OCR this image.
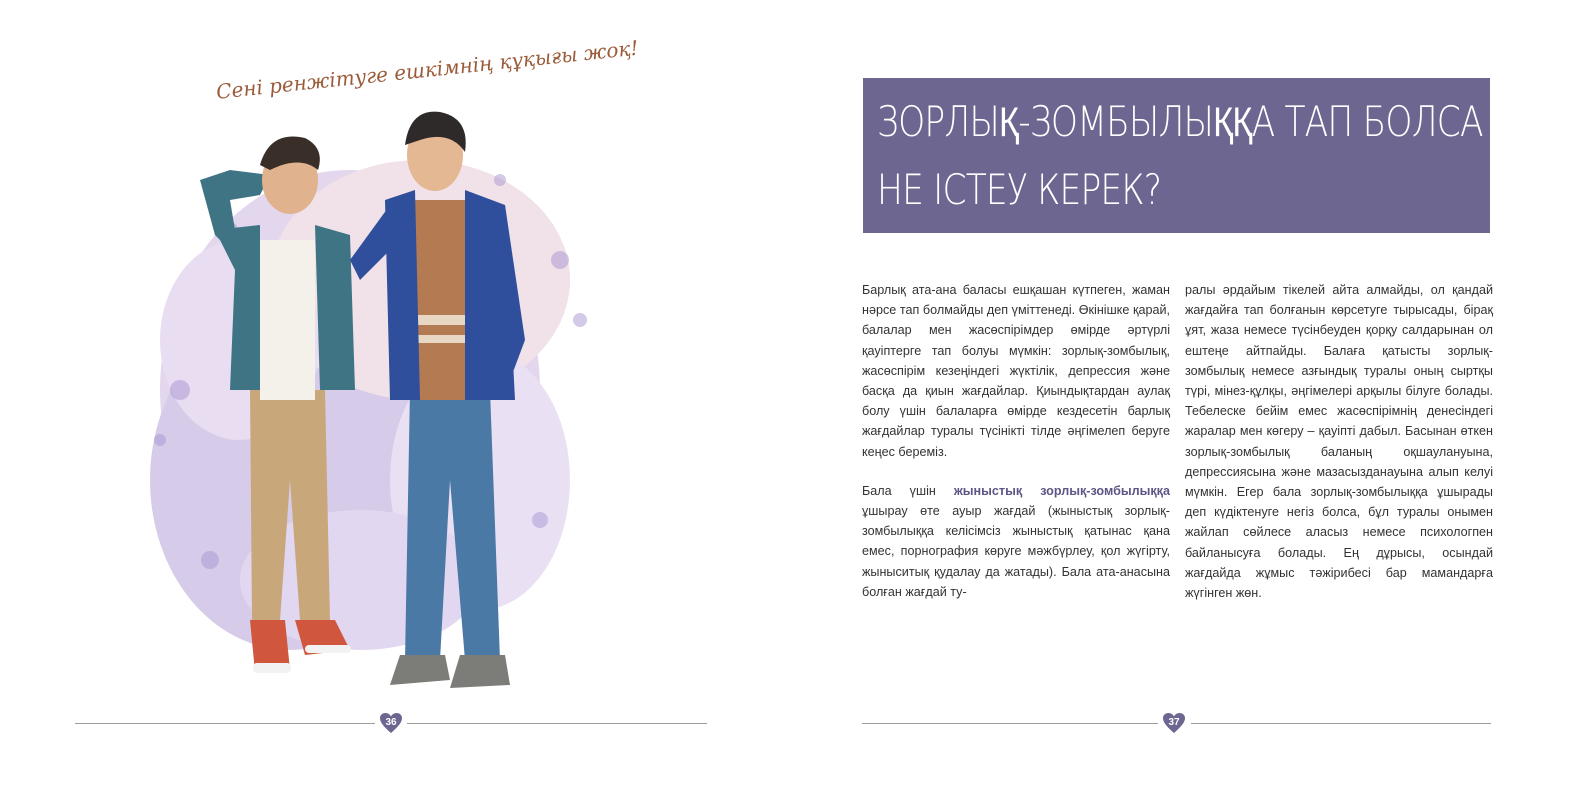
Сені ренжітуге ешкімнің құқығы жоқ!
36
ЗОРЛЫҚ-ЗОМБЫЛЫҚҚА ТАП БОЛСА НЕ ІСТЕУ КЕРЕК?

Барлық ата-ана баласы ешқашан күтпеген, жаман нәрсе тап болмайды деп үміттенеді. Өкінішке қарай, балалар мен жасөспірімдер өмірде әртүрлі қауіптерге тап болуы мүмкін: зорлық-зомбылық, жасөспірім кезеңіндегі жүктілік, депрессия және басқа да қиын жағдайлар. Қиындықтардан аулақ болу үшін балаларға өмірде кездесетін барлық жағдайлар туралы түсінікті тілде әңгімелеп беруге кеңес береміз.

Бала үшін жыныстық зорлық-зомбылыққа ұшырау өте ауыр жағдай (жыныстық зорлық-зомбылыққа келісімсіз жыныстық қатынас қана емес, порнография көруге мәжбүрлеу, қол жүгірту, жыныситық қудалау да жатады). Бала ата-анасына болған жағдай ту-

ралы әрдайым тікелей айта алмайды, ол қандай жағдайға тап болғанын көрсетуге тырысады, бірақ ұят, жаза немесе түсінбеуден қорқу салдарынан ол ештеңе айтпайды. Балаға қатысты зорлық-зомбылық немесе азғындық туралы оның сыртқы түрі, мінез-құлқы, әңгімелері арқылы білуге болады. Тебелеске бейім емес жасөспірімнің денесіндегі жаралар мен көгеру – қауіпті дабыл. Басынан өткен зорлық-зомбылық баланың оқшаулануына, депрессиясына және мазасызданауына алып келуі мүмкін. Егер бала зорлық-зомбылыққа ұшырады деп күдіктенуге негіз болса, бұл туралы онымен жайлап сөйлесе аласыз немесе психологпен байланысуға болады. Ең дұрысы, осындай жағдайда жұмыс тәжірибесі бар мамандарға жүгінген жөн.

37
